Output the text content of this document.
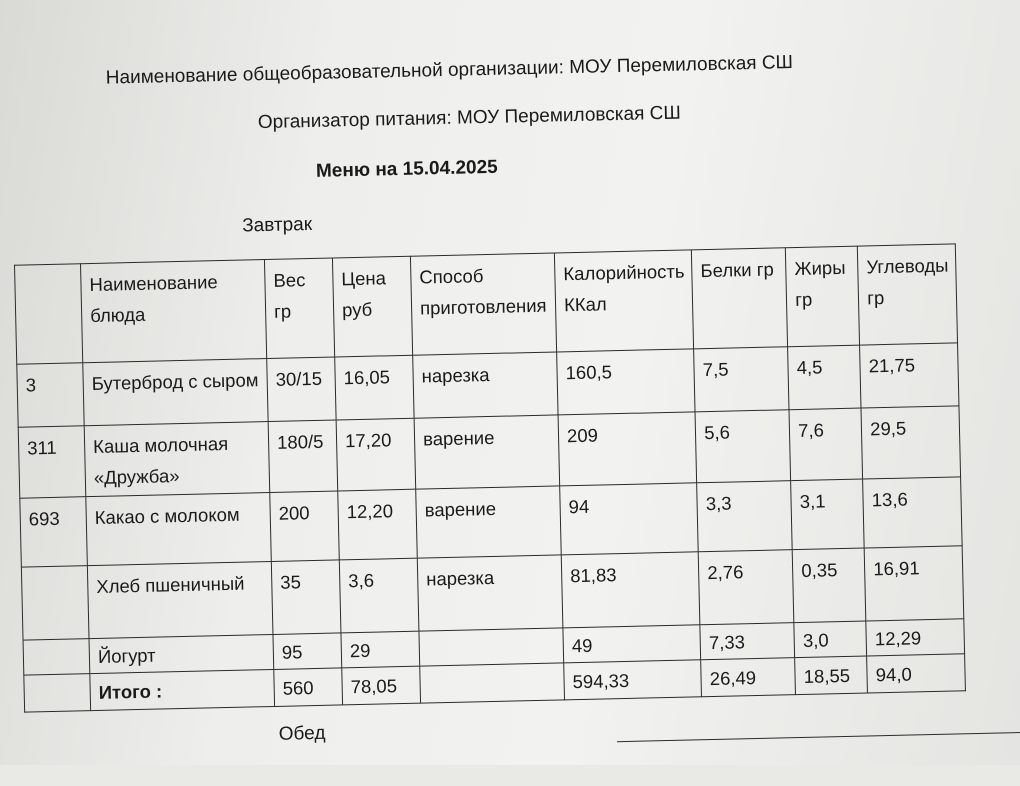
Наименование общеобразовательной организации: МОУ Перемиловская СШ
Организатор питания: МОУ Перемиловская СШ
Меню на 15.04.2025
Завтрак
	Наименование блюда	Вес гр	Цена руб	Способ приготовления	Калорийность ККал	Белки гр	Жиры гр	Углеводы гр
3	Бутерброд с сыром	30/15	16,05	нарезка	160,5	7,5	4,5	21,75
311	Каша молочная «Дружба»	180/5	17,20	варение	209	5,6	7,6	29,5
693	Какао с молоком	200	12,20	варение	94	3,3	3,1	13,6
	Хлеб пшеничный	35	3,6	нарезка	81,83	2,76	0,35	16,91
	Йогурт	95	29		49	7,33	3,0	12,29
	Итого :	560	78,05		594,33	26,49	18,55	94,0
Обед
